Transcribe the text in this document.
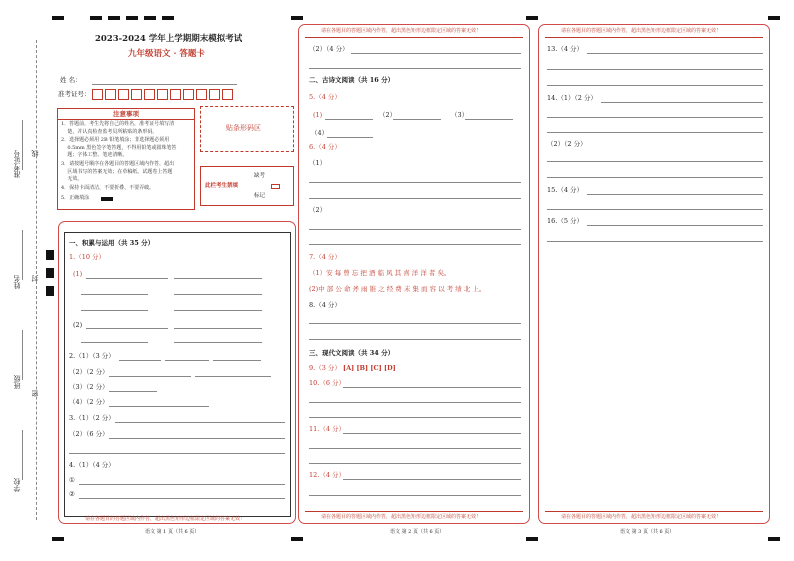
准考证号 线
姓名 封
班级
密
学校
2023-2024 学年上学期期末模拟考试
九年级语文 · 答题卡
姓 名：
准考证号：
注意事项
1．答题前，考生先将自己的姓名，准考证号填写清
楚，并认真检查监考员所粘贴的条形码。
2．选择题必须用 2B 铅笔填涂；非选择题必须用
0.5mm 黑色签字笔答题，不得用铅笔或圆珠笔答
题；字体工整、笔迹清晰。
3．请按题号顺序在各题目的答题区域内作答，超出
区域书写的答案无效；在草稿纸、试题卷上答题
无效。
4．保持卡面清洁，不要折叠、不要弄破。
5．正确填涂
贴条形码区
此栏考生禁填
缺考
标记
一、积累与运用（共 35 分）
1.（10 分）
(1)
(2)
2.（1）（3 分）
（2）（2 分）
（3）（2 分）
（4）（2 分）
3.（1）（2 分）
（2）（6 分）
4.（1）（4 分）
①
②
请在各题目的答题区域内作答，超出黑色矩形边框限定区域的答案无效！
语文 第 1 页（共 6 页）
请在各题目的答题区域内作答，超出黑色矩形边框限定区域的答案无效！
（2）（4 分）
二、古诗文阅读（共 16 分）
5.（4 分）
(1)	（2）	（3）
（4）
6.（4 分）
（1）
（2）
7.（4 分）
（1）安 每 曾 忘 把 酒 临 风 其 喜 洋 洋 者 矣。
(2)中 部 公 命 斧 雨 锥 之 经 费 末 集 而 容 以 考 绩 北 上。
8.（4 分）
三、现代文阅读（共 34 分）
9.（3 分） [A] [B] [C] [D]
10.（6 分）
11.（4 分）
12.（4 分）
请在各题目的答题区域内作答，超出黑色矩形边框限定区域的答案无效！
语文 第 2 页（共 6 页）
请在各题目的答题区域内作答，超出黑色矩形边框限定区域的答案无效！
13.（4 分）
14.（1）（2 分）
（2）（2 分）
15.（4 分）
16.（5 分）
请在各题目的答题区域内作答，超出黑色矩形边框限定区域的答案无效！
语文 第 3 页（共 6 页）
